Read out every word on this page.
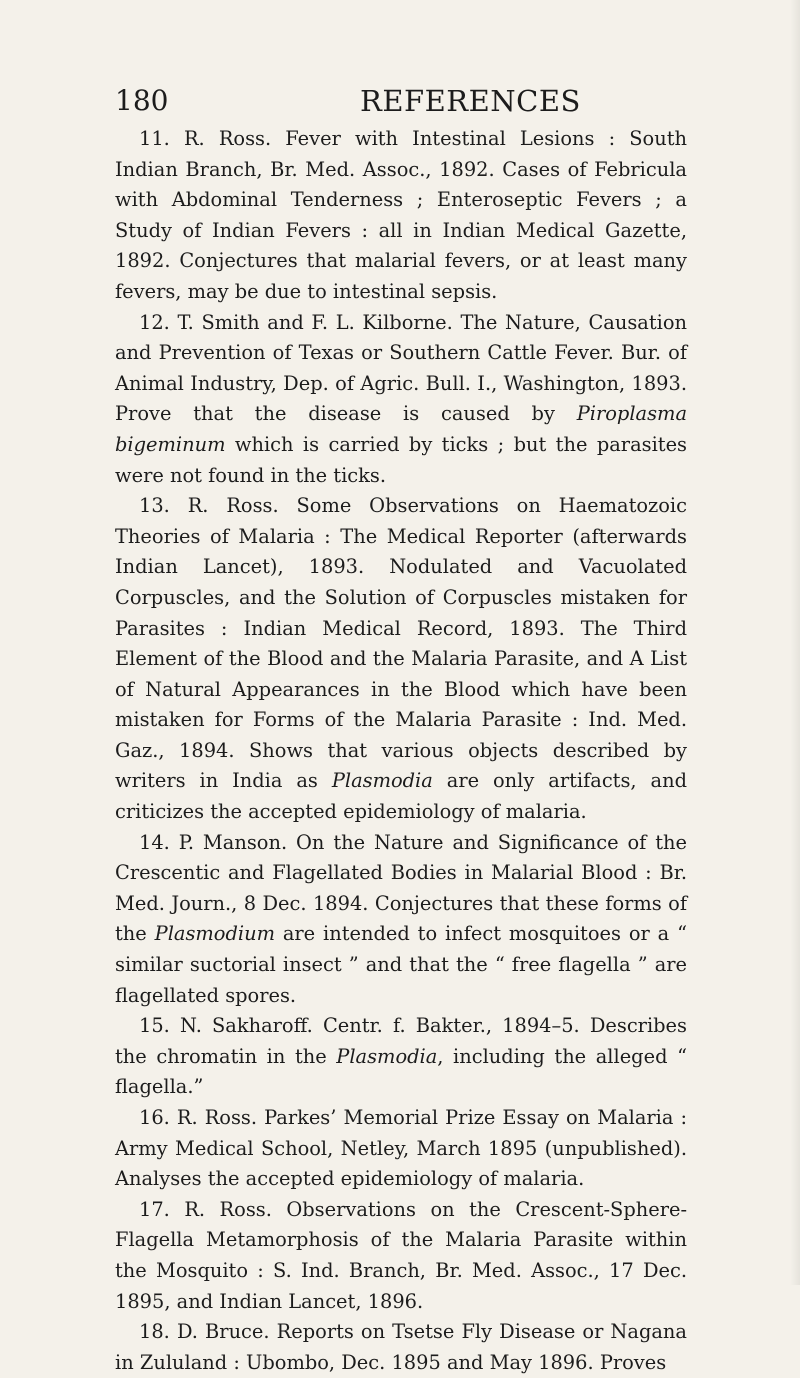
180	REFERENCES

11. R. Ross. Fever with Intestinal Lesions : South Indian Branch, Br. Med. Assoc., 1892. Cases of Febricula with Abdominal Tenderness ; Enteroseptic Fevers ; a Study of Indian Fevers : all in Indian Medical Gazette, 1892. Conjectures that malarial fevers, or at least many fevers, may be due to intestinal sepsis.

12. T. Smith and F. L. Kilborne. The Nature, Causation and Prevention of Texas or Southern Cattle Fever. Bur. of Animal Industry, Dep. of Agric. Bull. I., Washington, 1893. Prove that the disease is caused by Piroplasma bigeminum which is carried by ticks ; but the parasites were not found in the ticks.

13. R. Ross. Some Observations on Haematozoic Theories of Malaria : The Medical Reporter (afterwards Indian Lancet), 1893. Nodulated and Vacuolated Corpuscles, and the Solution of Corpuscles mistaken for Parasites : Indian Medical Record, 1893. The Third Element of the Blood and the Malaria Parasite, and A List of Natural Appearances in the Blood which have been mistaken for Forms of the Malaria Parasite : Ind. Med. Gaz., 1894. Shows that various objects described by writers in India as Plasmodia are only artifacts, and criticizes the accepted epidemiology of malaria.

14. P. Manson. On the Nature and Significance of the Crescentic and Flagellated Bodies in Malarial Blood : Br. Med. Journ., 8 Dec. 1894. Conjectures that these forms of the Plasmodium are intended to infect mosquitoes or a “ similar suctorial insect ” and that the “ free flagella ” are flagellated spores.

15. N. Sakharoff. Centr. f. Bakter., 1894–5. Describes the chromatin in the Plasmodia, including the alleged “ flagella.”

16. R. Ross. Parkes’ Memorial Prize Essay on Malaria : Army Medical School, Netley, March 1895 (unpublished). Analyses the accepted epidemiology of malaria.

17. R. Ross. Observations on the Crescent-Sphere-Flagella Metamorphosis of the Malaria Parasite within the Mosquito : S. Ind. Branch, Br. Med. Assoc., 17 Dec. 1895, and Indian Lancet, 1896.

18. D. Bruce. Reports on Tsetse Fly Disease or Nagana in Zululand : Ubombo, Dec. 1895 and May 1896. Proves
